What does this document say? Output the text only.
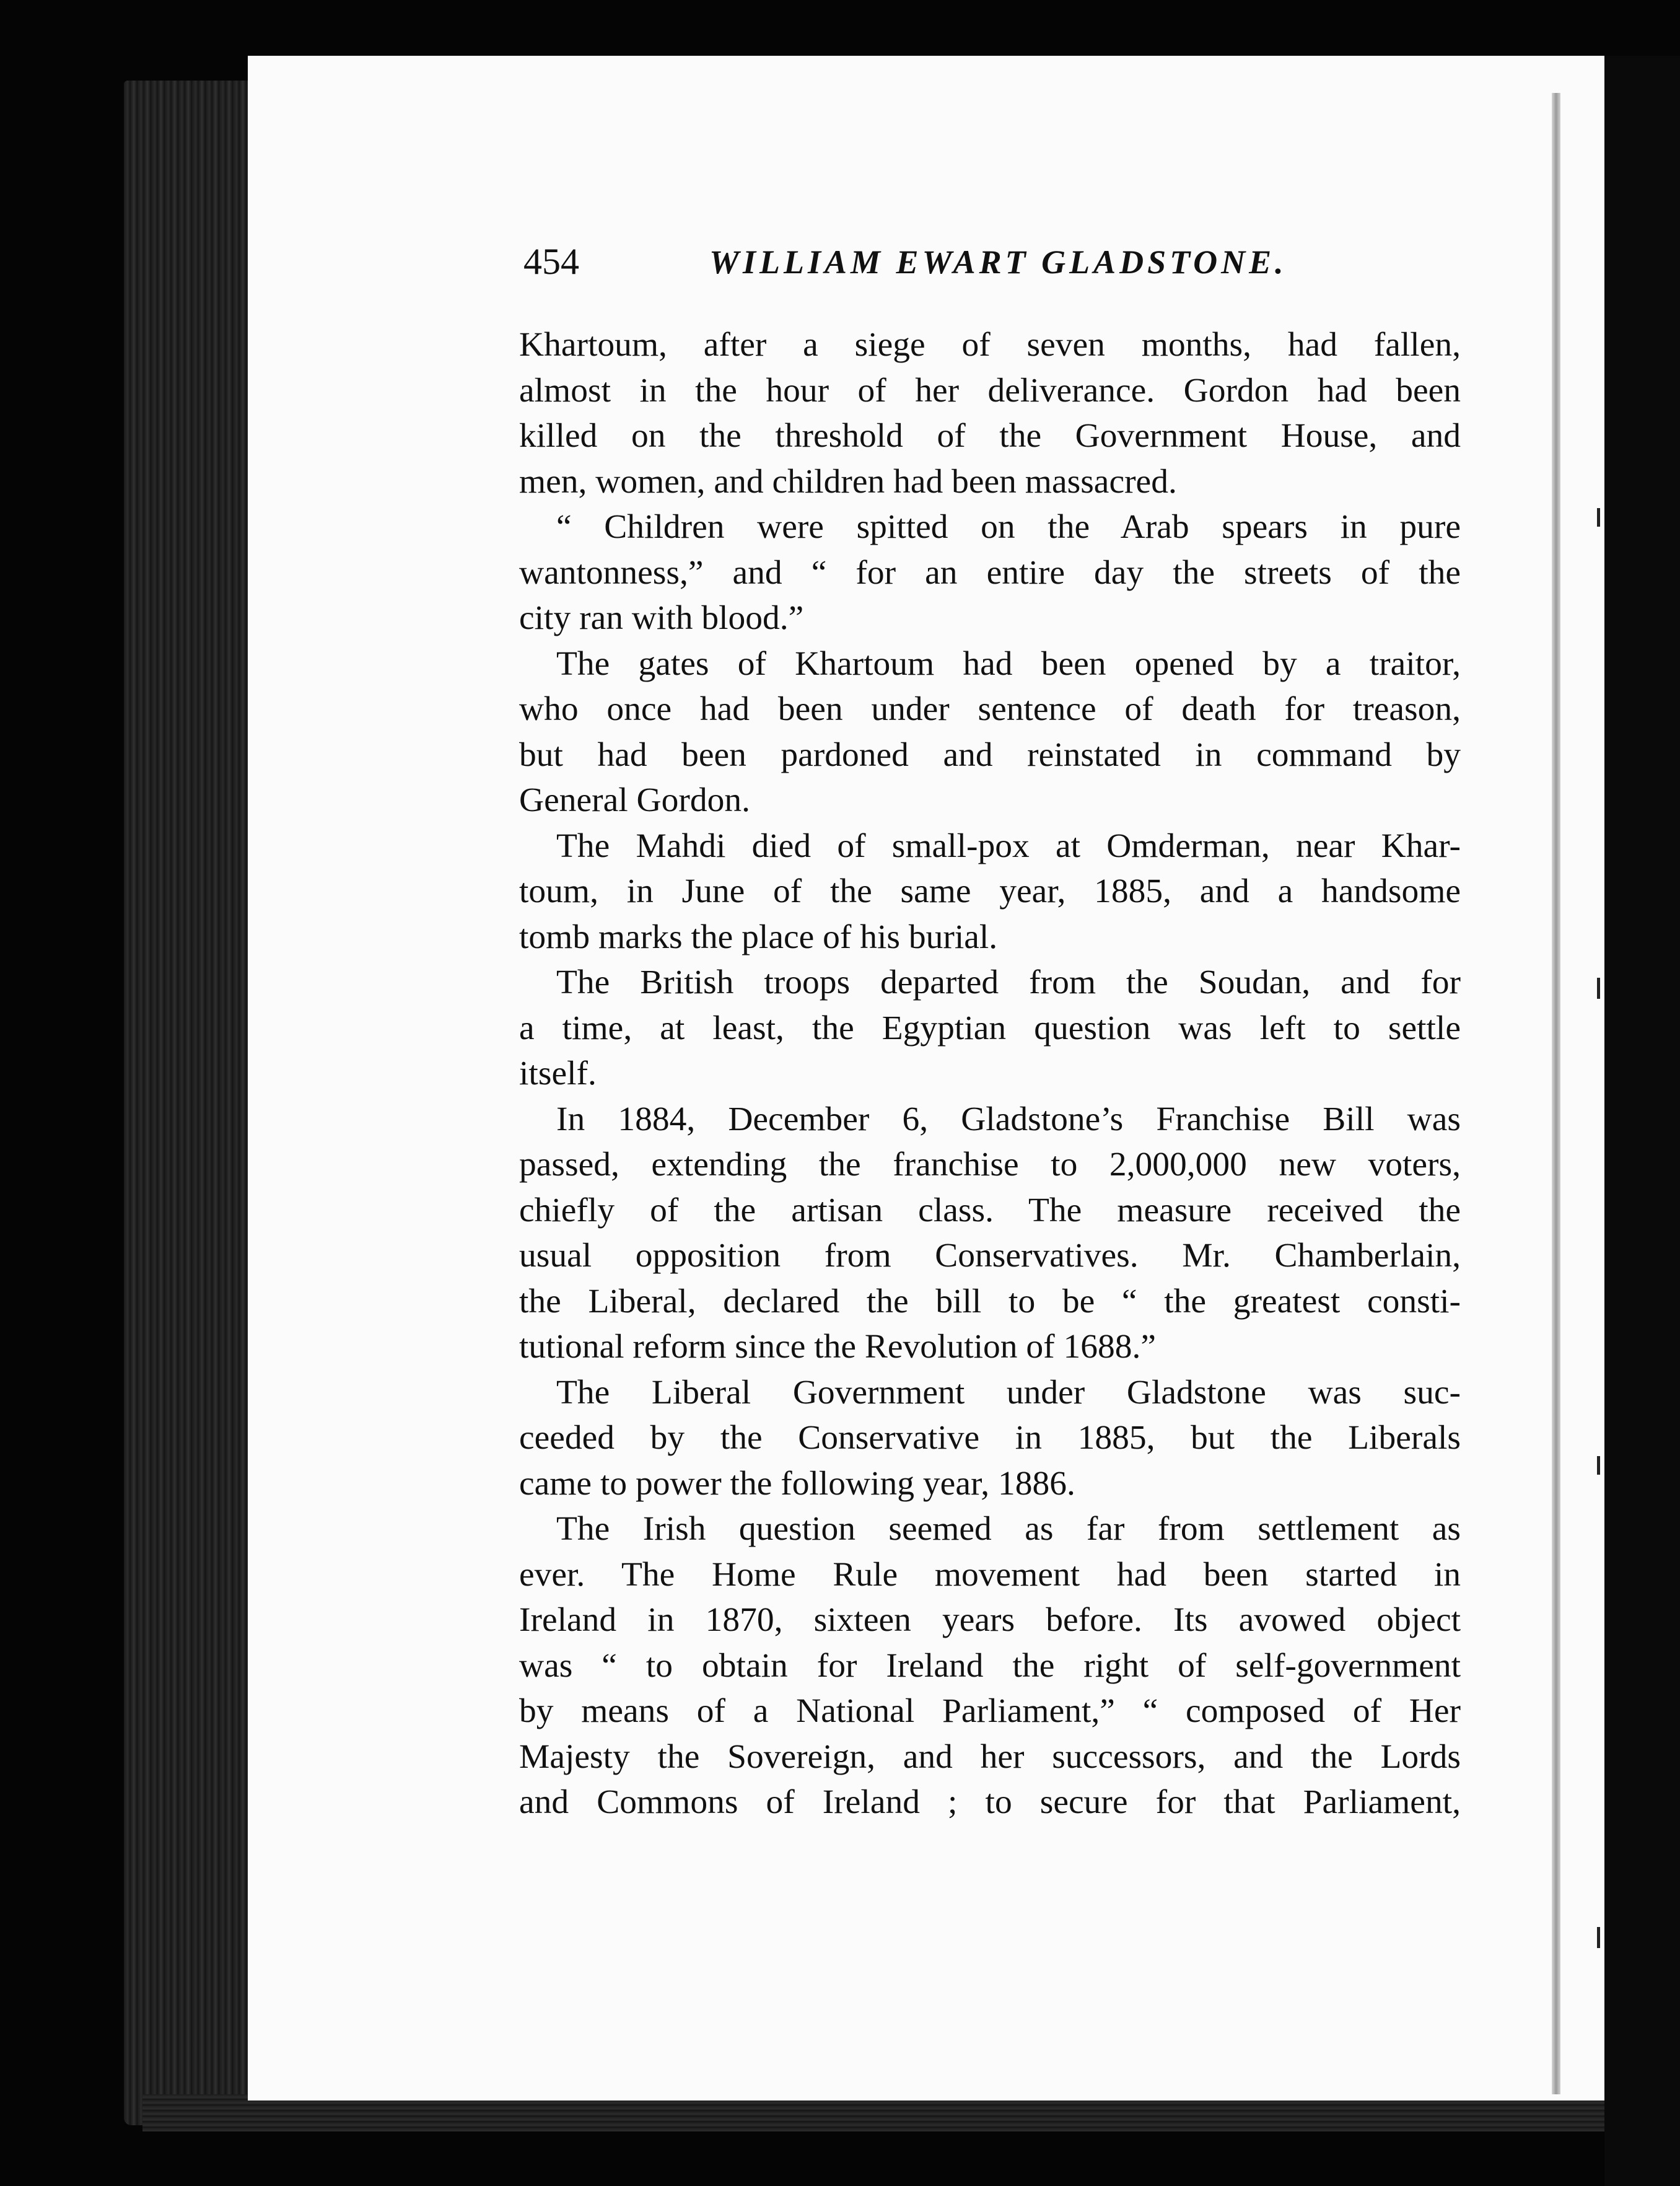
454	WILLIAM EWART GLADSTONE.
Khartoum, after a siege of seven months, had fallen,
almost in the hour of her deliverance. Gordon had been
killed on the threshold of the Government House, and
men, women, and children had been massacred.
“ Children were spitted on the Arab spears in pure
wantonness,” and “ for an entire day the streets of the
city ran with blood.”
The gates of Khartoum had been opened by a traitor,
who once had been under sentence of death for treason,
but had been pardoned and reinstated in command by
General Gordon.
The Mahdi died of small-pox at Omderman, near Khar-
toum, in June of the same year, 1885, and a handsome
tomb marks the place of his burial.
The British troops departed from the Soudan, and for
a time, at least, the Egyptian question was left to settle
itself.
In 1884, December 6, Gladstone’s Franchise Bill was
passed, extending the franchise to 2,000,000 new voters,
chiefly of the artisan class. The measure received the
usual opposition from Conservatives. Mr. Chamberlain,
the Liberal, declared the bill to be “ the greatest consti-
tutional reform since the Revolution of 1688.”
The Liberal Government under Gladstone was suc-
ceeded by the Conservative in 1885, but the Liberals
came to power the following year, 1886.
The Irish question seemed as far from settlement as
ever. The Home Rule movement had been started in
Ireland in 1870, sixteen years before. Its avowed object
was “ to obtain for Ireland the right of self-government
by means of a National Parliament,” “ composed of Her
Majesty the Sovereign, and her successors, and the Lords
and Commons of Ireland ; to secure for that Parliament,
